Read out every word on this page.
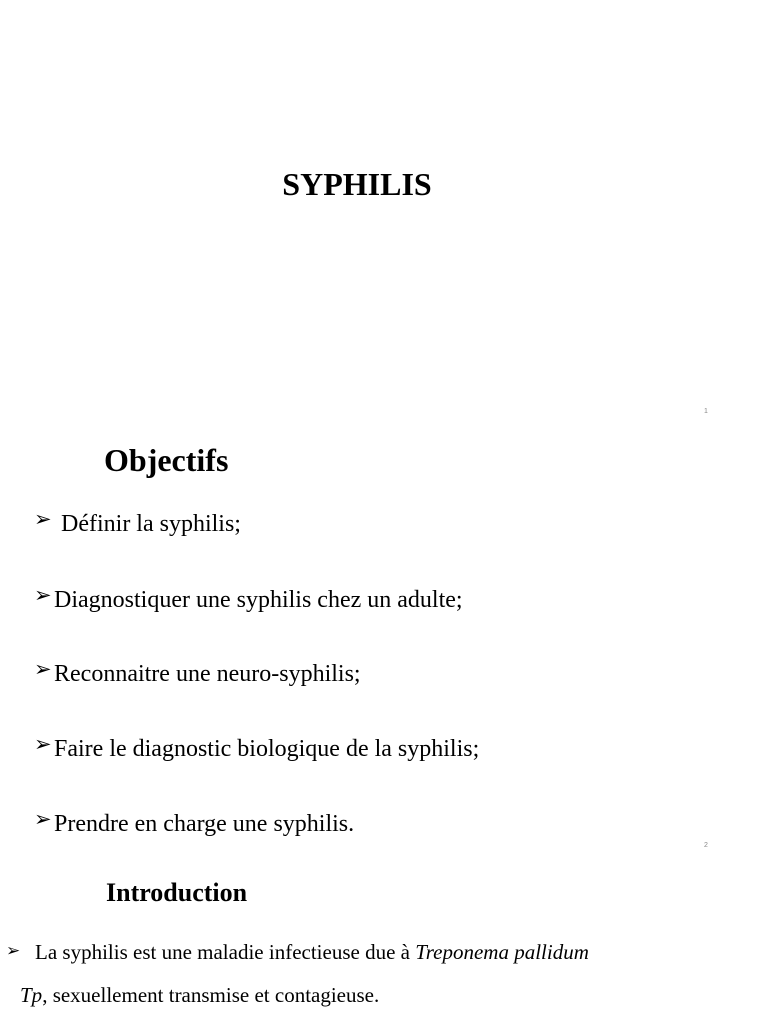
SYPHILIS
1
Objectifs
➢ Définir la syphilis;
➢ Diagnostiquer une syphilis chez un adulte;
➢ Reconnaitre une neuro-syphilis;
➢ Faire le diagnostic biologique de la syphilis;
➢ Prendre en charge une syphilis.
2
Introduction
➢ La syphilis est une maladie infectieuse due à Treponema pallidum
Tp, sexuellement transmise et contagieuse.
